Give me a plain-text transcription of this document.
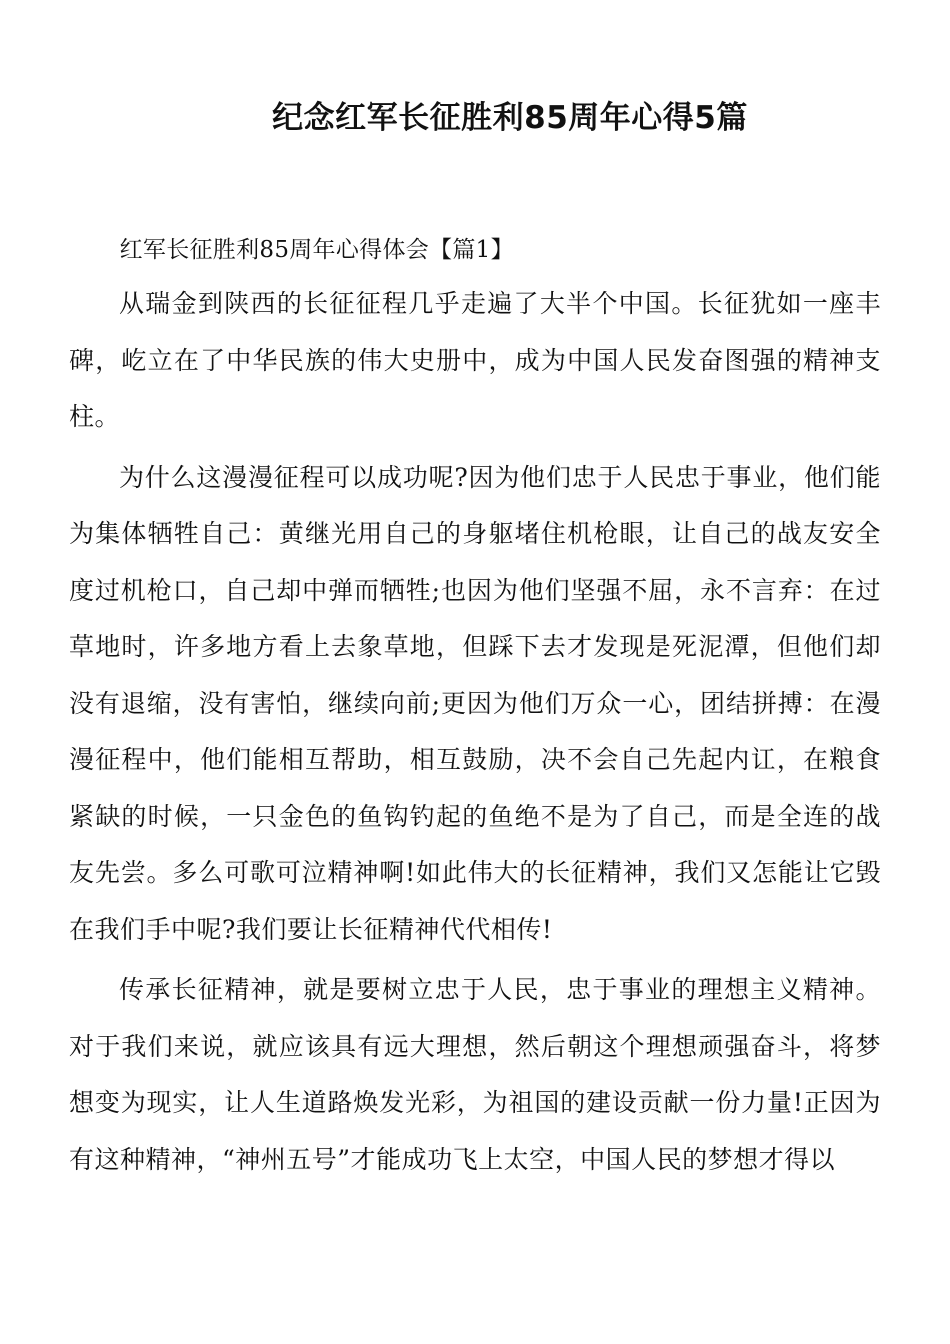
纪念红军长征胜利85周年心得5篇

红军长征胜利85周年心得体会【篇1】

从瑞金到陕西的长征征程几乎走遍了大半个中国。长征犹如一座丰碑，屹立在了中华民族的伟大史册中，成为中国人民发奋图强的精神支柱。

为什么这漫漫征程可以成功呢?因为他们忠于人民忠于事业，他们能为集体牺牲自己：黄继光用自己的身躯堵住机枪眼，让自己的战友安全度过机枪口，自己却中弹而牺牲;也因为他们坚强不屈，永不言弃：在过草地时，许多地方看上去象草地，但踩下去才发现是死泥潭，但他们却没有退缩，没有害怕，继续向前;更因为他们万众一心，团结拼搏：在漫漫征程中，他们能相互帮助，相互鼓励，决不会自己先起内讧，在粮食紧缺的时候，一只金色的鱼钩钓起的鱼绝不是为了自己，而是全连的战友先尝。多么可歌可泣精神啊!如此伟大的长征精神，我们又怎能让它毁在我们手中呢?我们要让长征精神代代相传!

传承长征精神，就是要树立忠于人民，忠于事业的理想主义精神。对于我们来说，就应该具有远大理想，然后朝这个理想顽强奋斗，将梦想变为现实，让人生道路焕发光彩，为祖国的建设贡献一份力量!正因为有这种精神，“神州五号”才能成功飞上太空，中国人民的梦想才得以
